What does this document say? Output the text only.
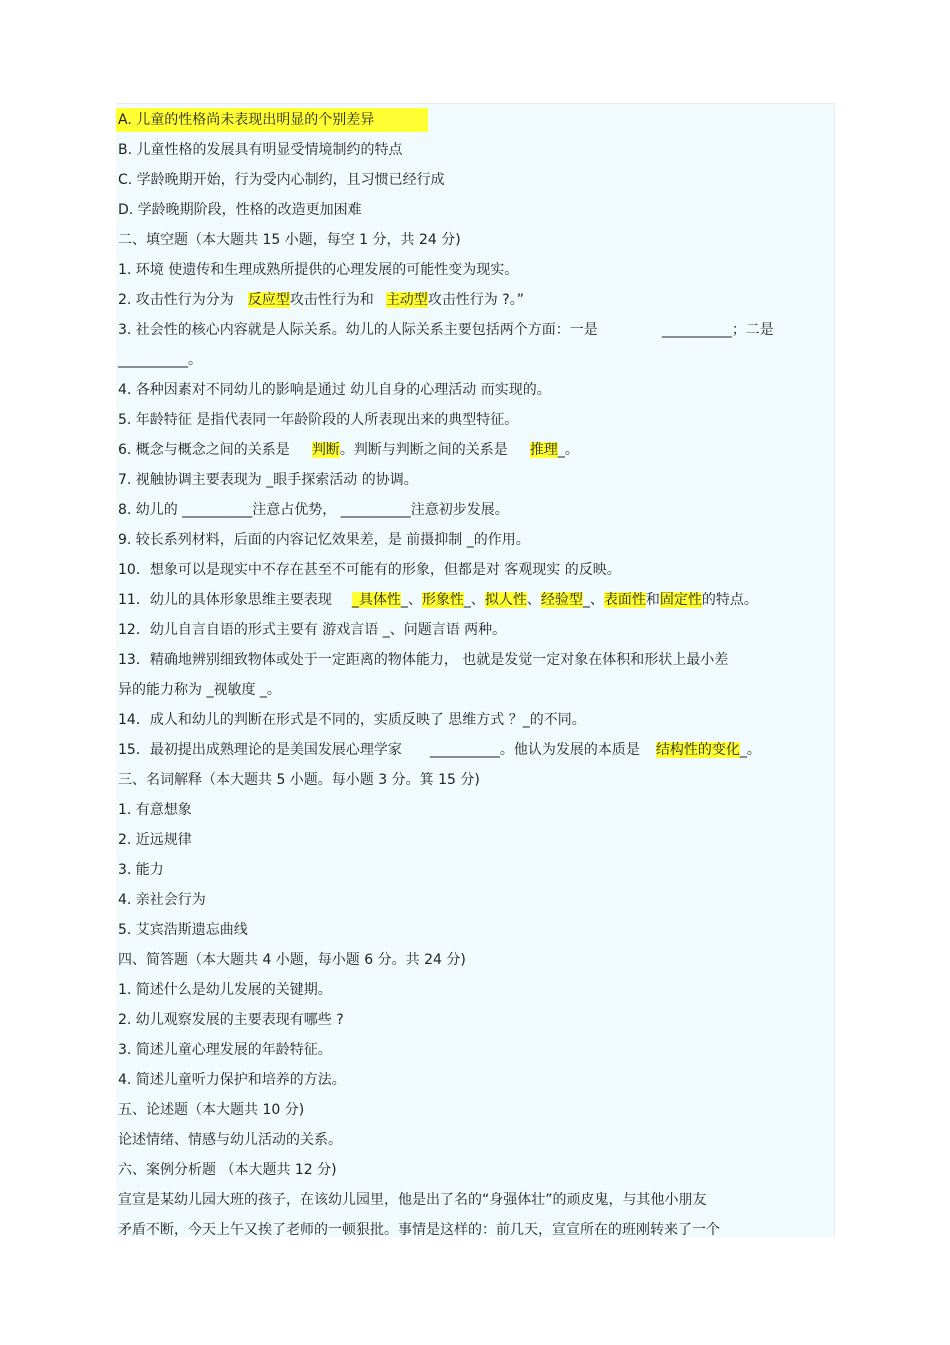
A. 儿童的性格尚未表现出明显的个别差异
B. 儿童性格的发展具有明显受情境制约的特点
C. 学龄晚期开始，行为受内心制约，且习惯已经行成
D. 学龄晚期阶段，性格的改造更加困难
二、填空题（本大题共 15 小题，每空 1 分，共 24 分)
1. 环境 使遗传和生理成熟所提供的心理发展的可能性变为现实。
2. 攻击性行为分为 反应型攻击性行为和 主动型攻击性行为 ?。”
3. 社会性的核心内容就是人际关系。幼儿的人际关系主要包括两个方面：一是	__________；二是
__________。
4. 各种因素对不同幼儿的影响是通过 幼儿自身的心理活动 而实现的。
5. 年龄特征 是指代表同一年龄阶段的人所表现出来的典型特征。
6. 概念与概念之间的关系是 判断。判断与判断之间的关系是 推理_。
7. 视触协调主要表现为 _眼手探索活动 的协调。
8. 幼儿的 __________注意占优势， __________注意初步发展。
9. 较长系列材料，后面的内容记忆效果差，是 前摄抑制 _的作用。
10．想象可以是现实中不存在甚至不可能有的形象，但都是对 客观现实 的反映。
11．幼儿的具体形象思维主要表现 _具体性_、形象性_、拟人性、经验型_、表面性和固定性的特点。
12．幼儿自言自语的形式主要有 游戏言语 _、问题言语 两种。
13．精确地辨别细致物体或处于一定距离的物体能力， 也就是发觉一定对象在体积和形状上最小差
异的能力称为 _视敏度 _。
14．成人和幼儿的判断在形式是不同的，实质反映了 思维方式 ？_的不同。
15．最初提出成熟理论的是美国发展心理学家 __________。他认为发展的本质是 结构性的变化_。
三、名词解释（本大题共 5 小题。每小题 3 分。箕 15 分)
1. 有意想象
2. 近远规律
3. 能力
4. 亲社会行为
5. 艾宾浩斯遗忘曲线
四、简答题（本大题共 4 小题，每小题 6 分。共 24 分)
1. 简述什么是幼儿发展的关键期。
2. 幼儿观察发展的主要表现有哪些 ?
3. 简述儿童心理发展的年龄特征。
4. 简述儿童听力保护和培养的方法。
五、论述题（本大题共 10 分)
论述情绪、情感与幼儿活动的关系。
六、案例分析题 （本大题共 12 分)
宣宣是某幼儿园大班的孩子，在该幼儿园里，他是出了名的“身强体壮”的顽皮鬼，与其他小朋友
矛盾不断，今天上午又挨了老师的一顿狠批。事情是这样的：前几天，宣宣所在的班刚转来了一个
